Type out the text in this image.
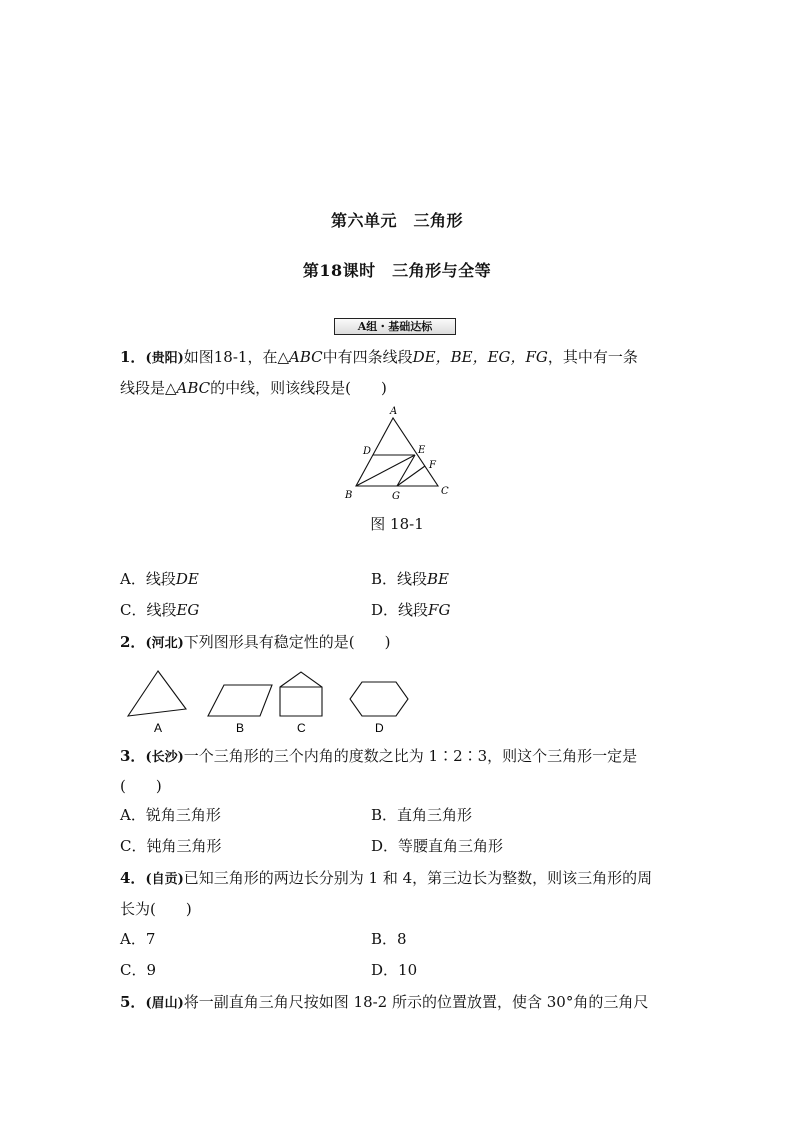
第六单元　三角形
第18课时　三角形与全等
A组・基础达标
1．(贵阳)如图18-1，在△ABC中有四条线段DE，BE，EG，FG，其中有一条
线段是△ABC的中线，则该线段是(　　)
A
D	E
F
B	G	C
图 18-1
A．线段DE	B．线段BE
C．线段EG	D．线段FG
2．(河北)下列图形具有稳定性的是(　　)
A	B	C	D
3．(长沙)一个三角形的三个内角的度数之比为 1∶2∶3，则这个三角形一定是
(　　)
A．锐角三角形	B．直角三角形
C．钝角三角形	D．等腰直角三角形
4．(自贡)已知三角形的两边长分别为 1 和 4，第三边长为整数，则该三角形的周
长为(　　)
A．7	B．8
C．9	D．10
5．(眉山)将一副直角三角尺按如图 18-2 所示的位置放置，使含 30°角的三角尺
